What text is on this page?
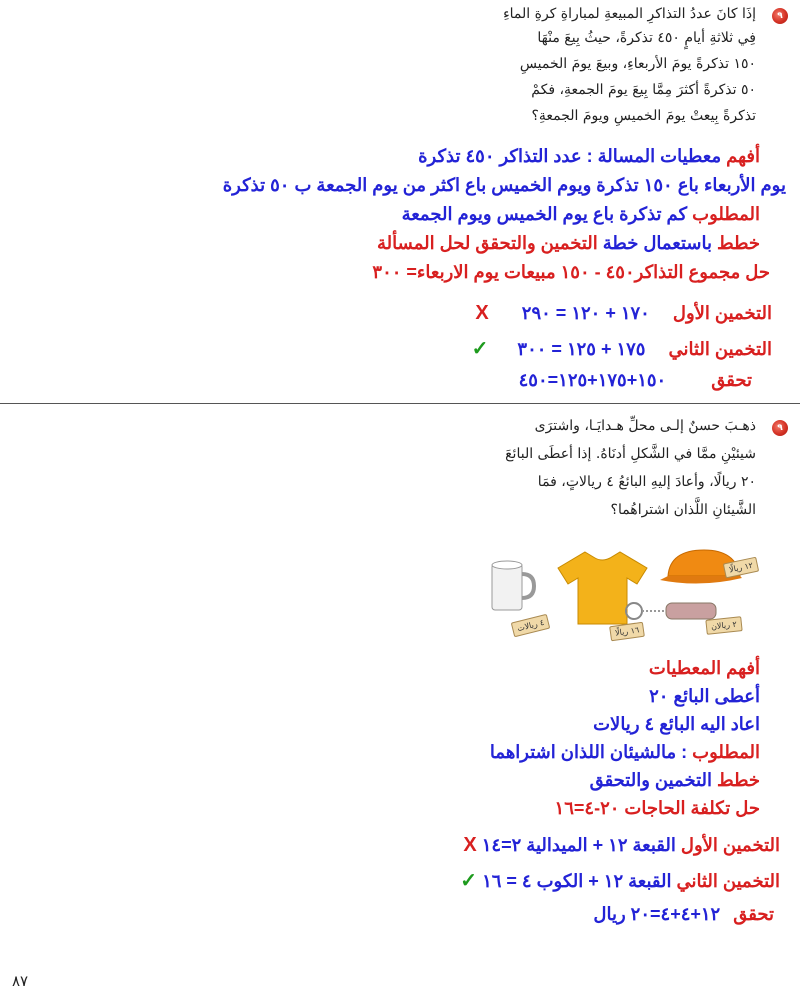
٩
إذَا كانَ عددُ التذاكرِ المبيعةِ لمباراةِ كرةِ الماءِ
فِي ثلاثةِ أيامٍ ٤٥٠ تذكرةً، حيثُ بِيعَ منْهَا
١٥٠ تذكرةً يومَ الأربعاءِ، وبيعَ يومَ الخميسِ
٥٠ تذكرةً أكثرَ مِمَّا بِيعَ يومَ الجمعةِ، فكمْ
تذكرةً بِيعتْ يومَ الخميسِ ويومَ الجمعةِ؟
أفهم معطيات المسالة : عدد التذاكر ٤٥٠ تذكرة
يوم الأربعاء باع ١٥٠ تذكرة ويوم الخميس باع اكثر من يوم الجمعة ب ٥٠ تذكرة
المطلوب كم تذكرة باع يوم الخميس ويوم الجمعة
خطط باستعمال خطة التخمين والتحقق لحل المسألة
حل مجموع التذاكر٤٥٠ - ١٥٠ مبيعات يوم الاربعاء= ٣٠٠
التخمين الأول ١٧٠ + ١٢٠ = ٢٩٠ X
التخمين الثاني ١٧٥ + ١٢٥ = ٣٠٠ ✓
تحقق ١٥٠+١٧٥+١٢٥=٤٥٠
٩
ذهـبَ حسنٌ إلـى محلِّ هـدايَـا، واشترَى
شيئيْنِ ممَّا في الشَّكلِ أدنَاهُ. إذا أعطَى البائعَ
٢٠ ريالًا، وأعادَ إليهِ البائعُ ٤ ريالاتٍ، فمَا
الشَّيئانِ اللَّذان اشتراهُما؟
١٢ ريالًا
٤ ريالات
١٦ ريالًا	٢ ريالان
أفهم المعطيات
أعطى البائع ٢٠
اعاد اليه البائع ٤ ريالات
المطلوب : مالشيئان اللذان اشتراهما
خطط التخمين والتحقق
حل تكلفة الحاجات ٢٠-٤=١٦
التخمين الأول القبعة ١٢ + الميدالية ٢=١٤ X
التخمين الثاني القبعة ١٢ + الكوب ٤ = ١٦ ✓
تحقق ١٢+٤+٤=٢٠ ريال
٨٧
